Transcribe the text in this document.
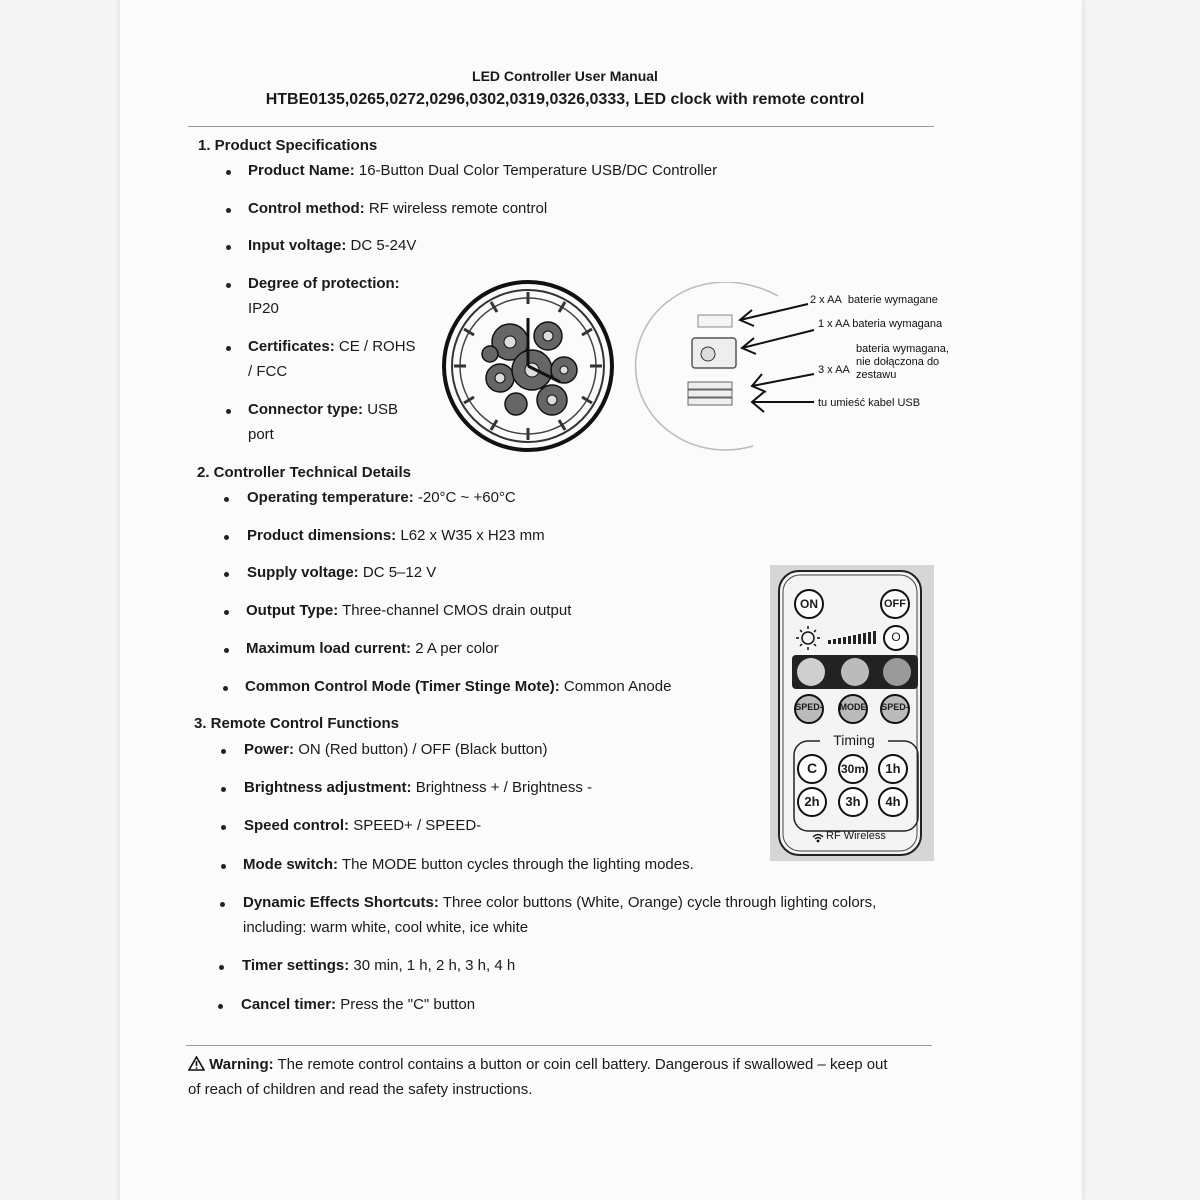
LED Controller User Manual
HTBE0135,0265,0272,0296,0302,0319,0326,0333, LED clock with remote control
1. Product Specifications
Product Name: 16-Button Dual Color Temperature USB/DC Controller
Control method: RF wireless remote control
Input voltage: DC 5-24V
Degree of protection:
IP20
Certificates: CE / ROHS
/ FCC
Connector type: USB
port
2 x AA baterie wymagane
1 x AA bateria wymagana
3 x AA
bateria wymagana,
nie dołączona do
zestawu
tu umieść kabel USB
2. Controller Technical Details
Operating temperature: -20°C ~ +60°C
Product dimensions: L62 x W35 x H23 mm
Supply voltage: DC 5–12 V
Output Type: Three-channel CMOS drain output
Maximum load current: 2 A per color
Common Control Mode (Timer Stinge Mote): Common Anode
ON	OFF
O
SPED- MODE SPED-
Timing
C	30m	1h
2h	3h	4h
RF Wireless
3. Remote Control Functions
Power: ON (Red button) / OFF (Black button)
Brightness adjustment: Brightness + / Brightness -
Speed control: SPEED+ / SPEED-
Mode switch: The MODE button cycles through the lighting modes.
Dynamic Effects Shortcuts: Three color buttons (White, Orange) cycle through lighting colors,
including: warm white, cool white, ice white
Timer settings: 30 min, 1 h, 2 h, 3 h, 4 h
Cancel timer: Press the "C" button
Warning: The remote control contains a button or coin cell battery. Dangerous if swallowed – keep out
of reach of children and read the safety instructions.
